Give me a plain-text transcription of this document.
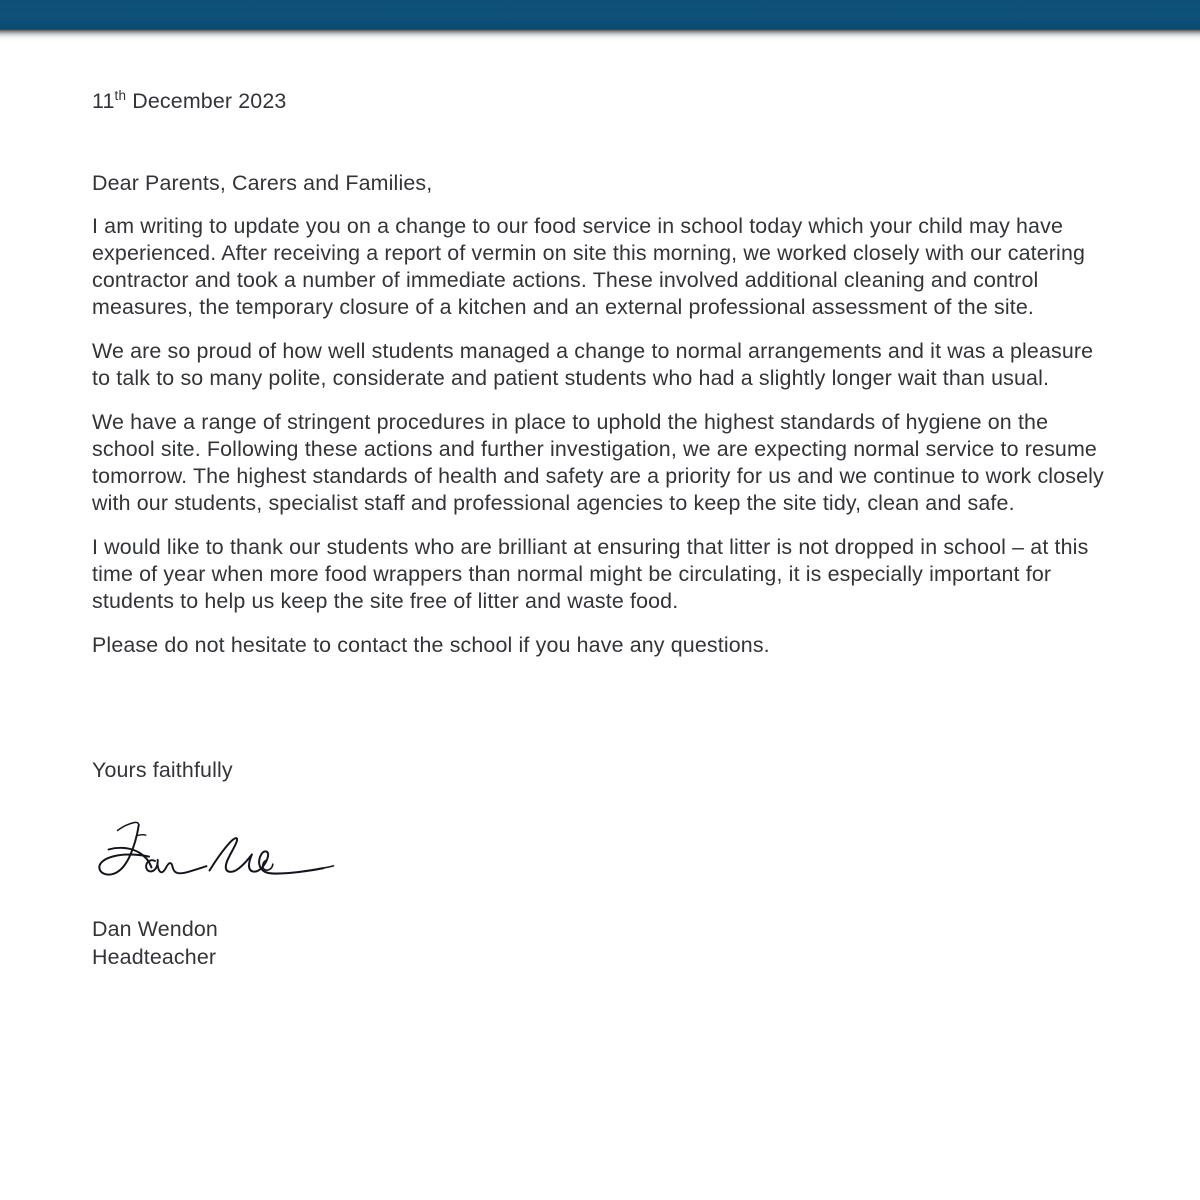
11th December 2023
Dear Parents, Carers and Families,

I am writing to update you on a change to our food service in school today which your child may have experienced. After receiving a report of vermin on site this morning, we worked closely with our catering contractor and took a number of immediate actions. These involved additional cleaning and control measures, the temporary closure of a kitchen and an external professional assessment of the site.

We are so proud of how well students managed a change to normal arrangements and it was a pleasure to talk to so many polite, considerate and patient students who had a slightly longer wait than usual.

We have a range of stringent procedures in place to uphold the highest standards of hygiene on the school site. Following these actions and further investigation, we are expecting normal service to resume tomorrow. The highest standards of health and safety are a priority for us and we continue to work closely with our students, specialist staff and professional agencies to keep the site tidy, clean and safe.

I would like to thank our students who are brilliant at ensuring that litter is not dropped in school – at this time of year when more food wrappers than normal might be circulating, it is especially important for students to help us keep the site free of litter and waste food.

Please do not hesitate to contact the school if you have any questions.

Yours faithfully
Dan Wendon
Headteacher
